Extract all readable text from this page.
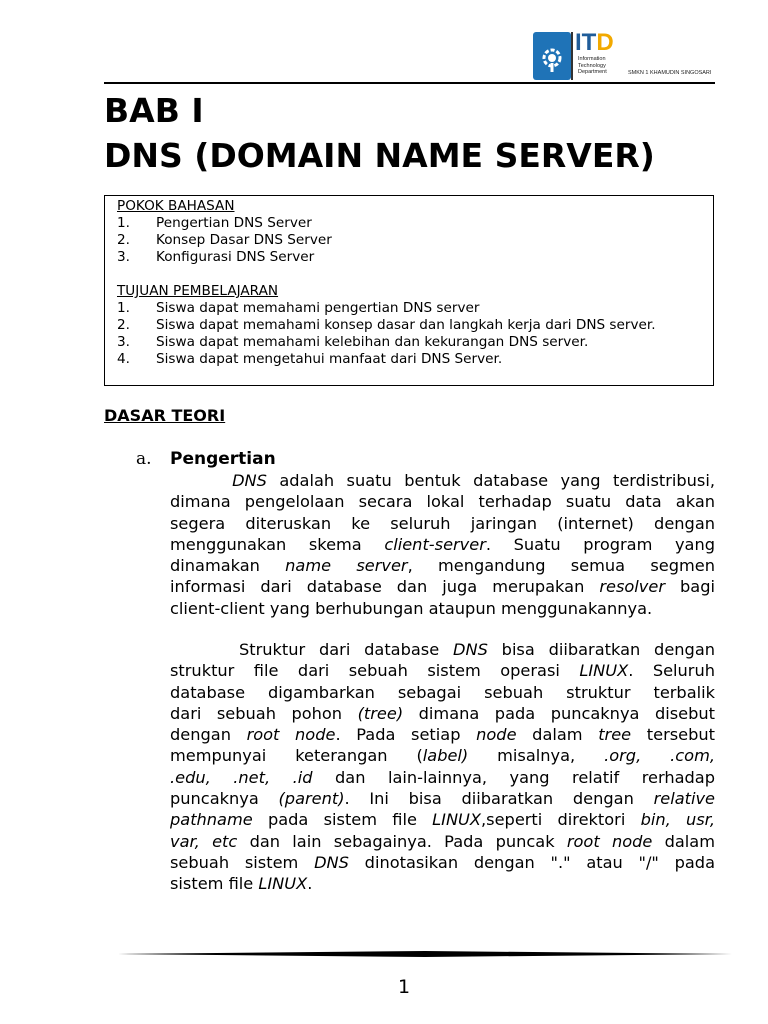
ITD
Information
Technology
Department	SMKN 1 KHAMUDIN SINGOSARI
BAB I
DNS (DOMAIN NAME SERVER)
POKOK BAHASAN
1.	Pengertian DNS Server
2.	Konsep Dasar DNS Server
3.	Konfigurasi DNS Server
TUJUAN PEMBELAJARAN
1.	Siswa dapat memahami pengertian DNS server
2.	Siswa dapat memahami konsep dasar dan langkah kerja dari DNS server.
3.	Siswa dapat memahami kelebihan dan kekurangan DNS server.
4.	Siswa dapat mengetahui manfaat dari DNS Server.
DASAR TEORI
a. Pengertian
DNS adalah suatu bentuk database yang terdistribusi,
dimana pengelolaan secara lokal terhadap suatu data akan
segera diteruskan ke seluruh jaringan (internet) dengan
menggunakan skema client-server. Suatu program yang
dinamakan name server, mengandung semua segmen
informasi dari database dan juga merupakan resolver bagi
client-client yang berhubungan ataupun menggunakannya.
Struktur dari database DNS bisa diibaratkan dengan
struktur file dari sebuah sistem operasi LINUX. Seluruh
database digambarkan sebagai sebuah struktur terbalik
dari sebuah pohon (tree) dimana pada puncaknya disebut
dengan root node. Pada setiap node dalam tree tersebut
mempunyai keterangan (label) misalnya, .org, .com,
.edu, .net, .id dan lain-lainnya, yang relatif rerhadap
puncaknya (parent). Ini bisa diibaratkan dengan relative
pathname pada sistem file LINUX,seperti direktori bin, usr,
var, etc dan lain sebagainya. Pada puncak root node dalam
sebuah sistem DNS dinotasikan dengan "." atau "/" pada
sistem file LINUX.
1
